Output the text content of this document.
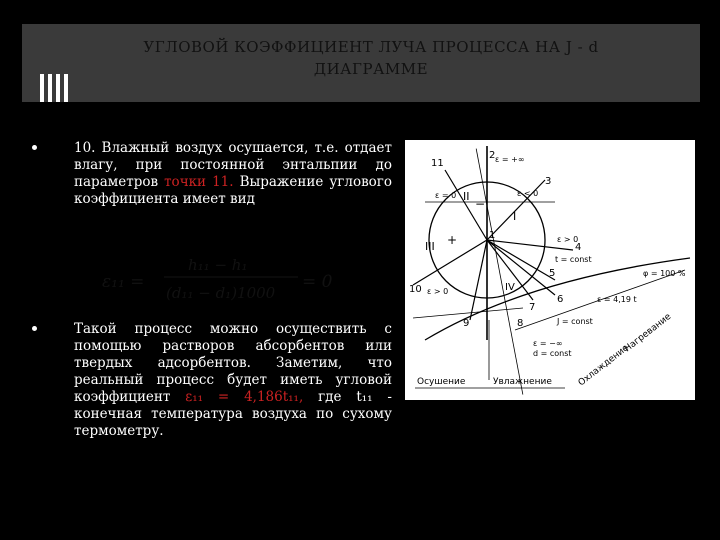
УГЛОВОЙ КОЭФФИЦИЕНТ ЛУЧА ПРОЦЕССА НА J - d
ДИАГРАММЕ
10. Влажный воздух осушается, т.е. отдает влагу, при постоянной энтальпии до параметров точки 11. Выражение углового коэффициента имеет вид
ε₁₁ =
h₁₁ − h₁
(d₁₁ − d₁)1000
= 0
Такой процесс можно осуществить с помощью растворов абсорбентов или твердых адсорбентов. Заметим, что реальный процесс будет иметь угловой коэффициент ε₁₁ = 4,186t₁₁, где t₁₁ - конечная температура воздуха по сухому термометру.
2 ε = +∞
11
3
ε = 0	ε < 0
II
−
I
III +	1	ε > 0
4
t = const
5	φ = 100 %
10 ε > 0	IV
6	ε = 4,19 t
7
9	8	J = const
ε = −∞
d = const
Осушение	Увлажнение	Охлаждение
Нагревание
